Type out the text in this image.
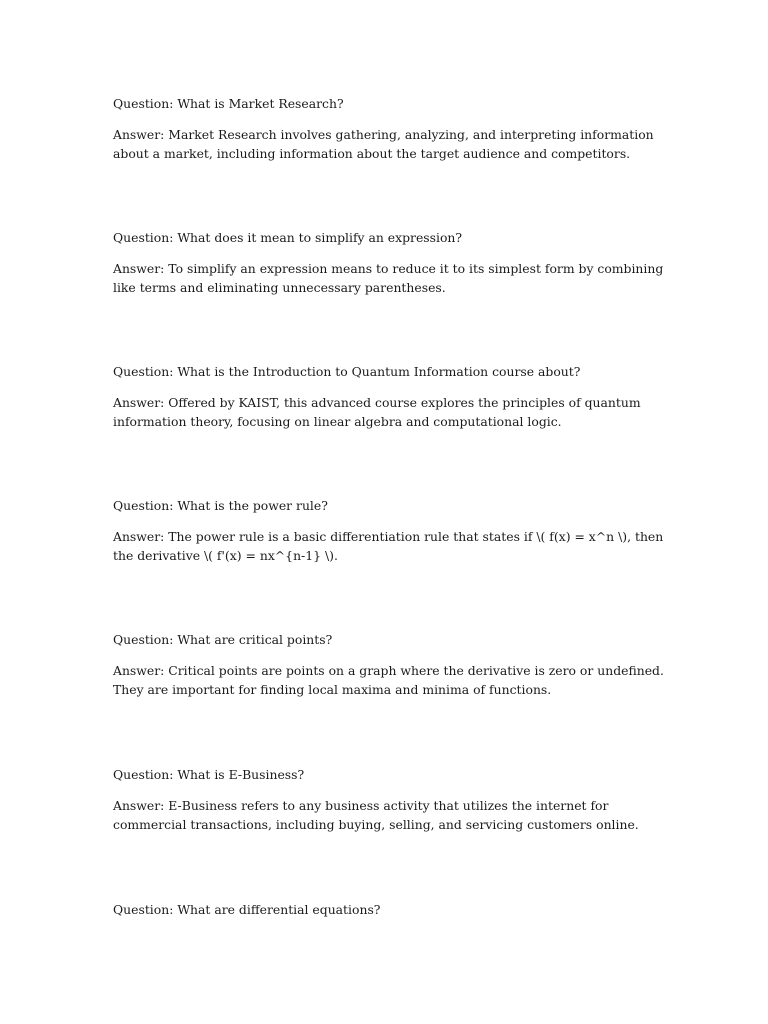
Question: What is Market Research?

Answer: Market Research involves gathering, analyzing, and interpreting information about a market, including information about the target audience and competitors.

Question: What does it mean to simplify an expression?

Answer: To simplify an expression means to reduce it to its simplest form by combining like terms and eliminating unnecessary parentheses.

Question: What is the Introduction to Quantum Information course about?

Answer: Offered by KAIST, this advanced course explores the principles of quantum information theory, focusing on linear algebra and computational logic.

Question: What is the power rule?

Answer: The power rule is a basic differentiation rule that states if \( f(x) = x^n \), then the derivative \( f'(x) = nx^{n-1} \).

Question: What are critical points?

Answer: Critical points are points on a graph where the derivative is zero or undefined. They are important for finding local maxima and minima of functions.

Question: What is E-Business?

Answer: E-Business refers to any business activity that utilizes the internet for commercial transactions, including buying, selling, and servicing customers online.

Question: What are differential equations?
